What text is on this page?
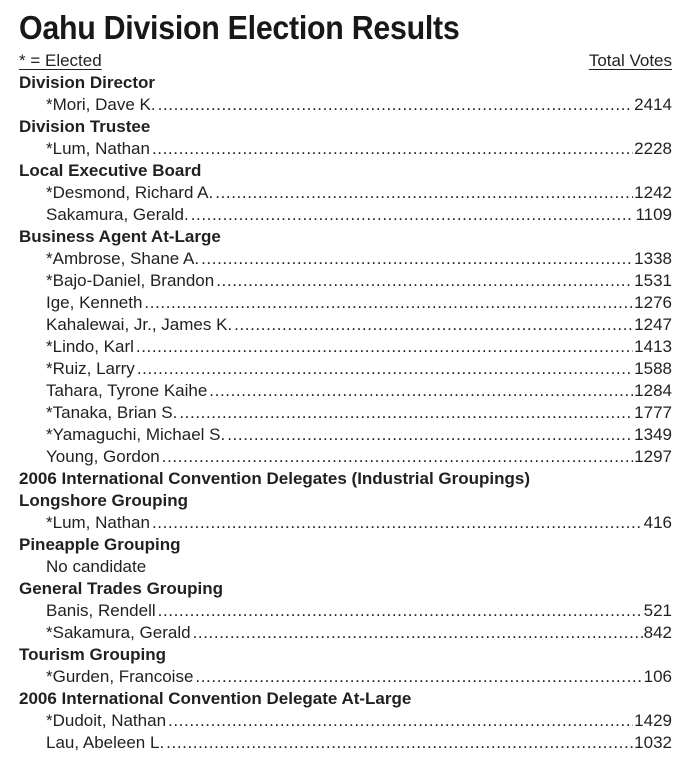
Oahu Division Election Results
* = Elected	Total Votes
Division Director
*Mori, Dave K. .....	2414
Division Trustee
*Lum, Nathan .....	2228
Local Executive Board
*Desmond, Richard A. .....	1242
Sakamura, Gerald. .....	1109
Business Agent At-Large
*Ambrose, Shane A. .....	1338
*Bajo-Daniel, Brandon .....	1531
Ige, Kenneth .....	1276
Kahalewai, Jr., James K. .....	1247
*Lindo, Karl .....	1413
*Ruiz, Larry .....	1588
Tahara, Tyrone Kaihe .....	1284
*Tanaka, Brian S. .....	1777
*Yamaguchi, Michael S. .....	1349
Young, Gordon .....	1297
2006 International Convention Delegates (Industrial Groupings)
Longshore Grouping
*Lum, Nathan .....	416
Pineapple Grouping
No candidate
General Trades Grouping
Banis, Rendell .....	521
*Sakamura, Gerald .....	842
Tourism Grouping
*Gurden, Francoise .....	106
2006 International Convention Delegate At-Large
*Dudoit, Nathan .....	1429
Lau, Abeleen L. .....	1032
